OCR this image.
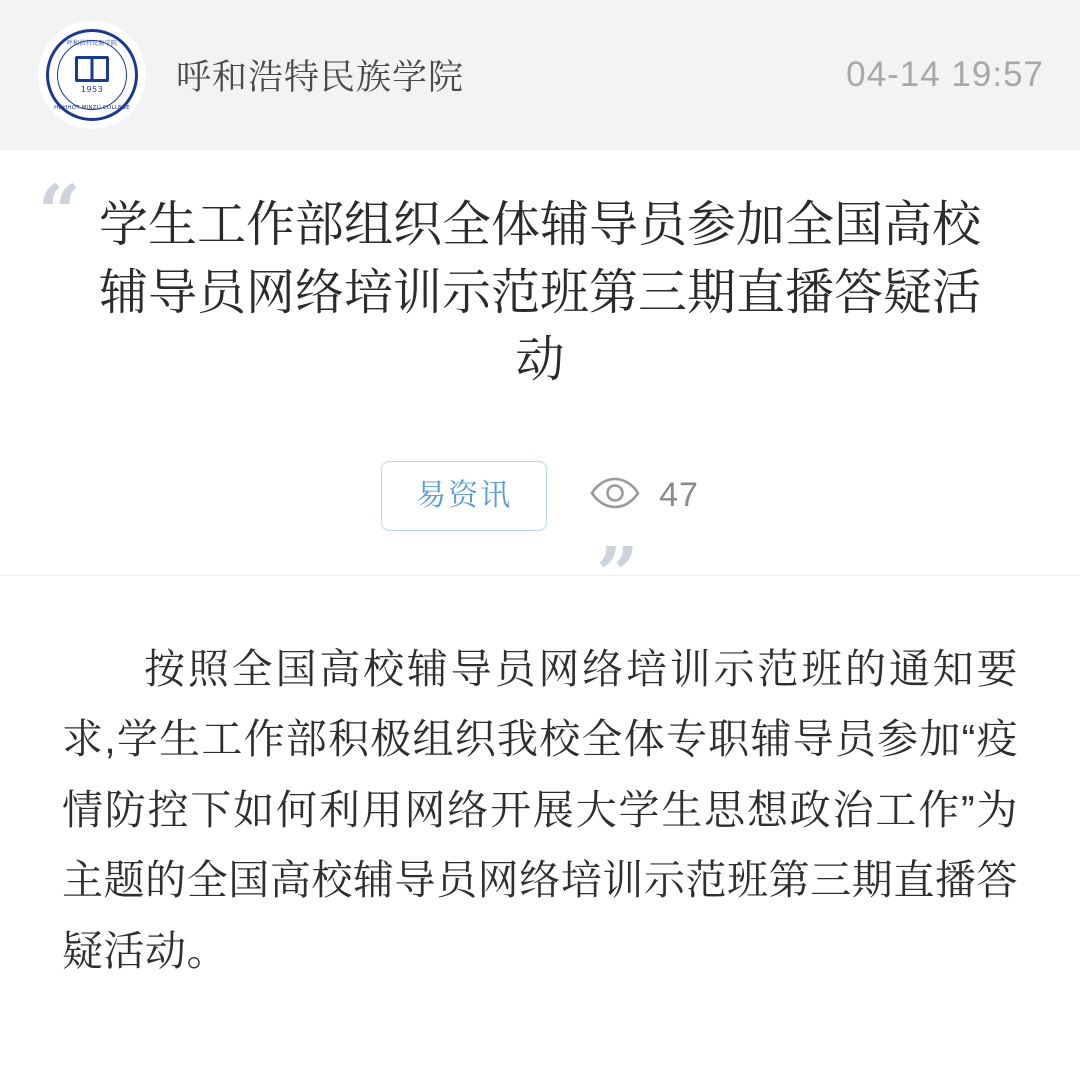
呼和浩特民族学院
1953
HOHHOT MINZU COLLEGE
呼和浩特民族学院	04-14 19:57
“ 学生工作部组织全体辅导员参加全国高校辅导员网络培训示范班第三期直播答疑活动
”
易资讯	47

按照全国高校辅导员网络培训示范班的通知要求,学生工作部积极组织我校全体专职辅导员参加“疫情防控下如何利用网络开展大学生思想政治工作”为主题的全国高校辅导员网络培训示范班第三期直播答疑活动。
